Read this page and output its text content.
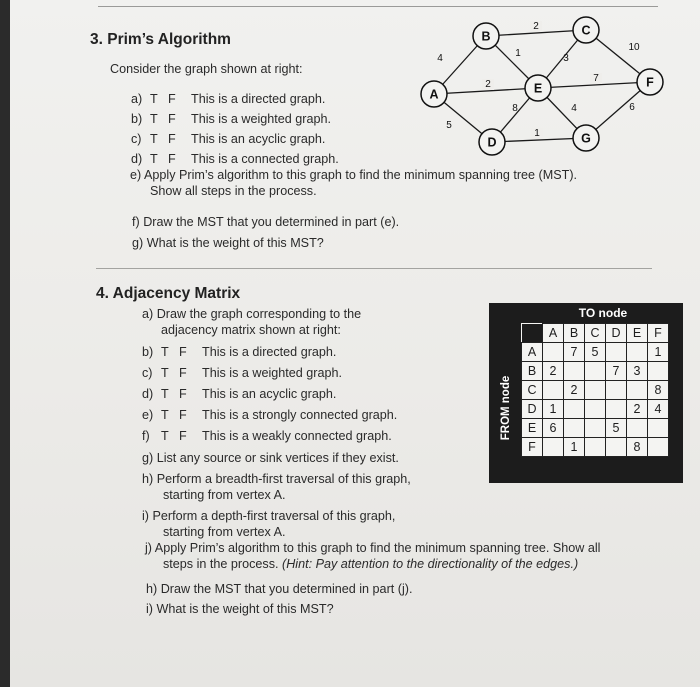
3. Prim’s Algorithm
Consider the graph shown at right:
a) T   F This is a directed graph.
b) T   F This is a weighted graph.
c) T   F This is an acyclic graph.
d) T   F This is a connected graph.
e) Apply Prim’s algorithm to this graph to find the minimum spanning tree (MST).
Show all steps in the process.
f) Draw the MST that you determined in part (e).
g) What is the weight of this MST?
4
2
1	3
10
2
7
5
8	4	6
1
A
B	C
D
E	F
G
4. Adjacency Matrix
a) Draw the graph corresponding to the
adjacency matrix shown at right:
b) T   F This is a directed graph.
c) T   F This is a weighted graph.
d) T   F This is an acyclic graph.
e) T   F This is a strongly connected graph.
f) T   F This is a weakly connected graph.
g) List any source or sink vertices if they exist.
h) Perform a breadth-first traversal of this graph,
starting from vertex A.
i) Perform a depth-first traversal of this graph,
starting from vertex A.
j) Apply Prim’s algorithm to this graph to find the minimum spanning tree. Show all
steps in the process. (Hint: Pay attention to the directionality of the edges.)
h) Draw the MST that you determined in part (j).
i) What is the weight of this MST?
TO node
FROM node
	A	B	C	D	E	F
A		7	5			1
B	2			7	3	
C		2				8
D	1				2	4
E	6			5		
F		1			8	
